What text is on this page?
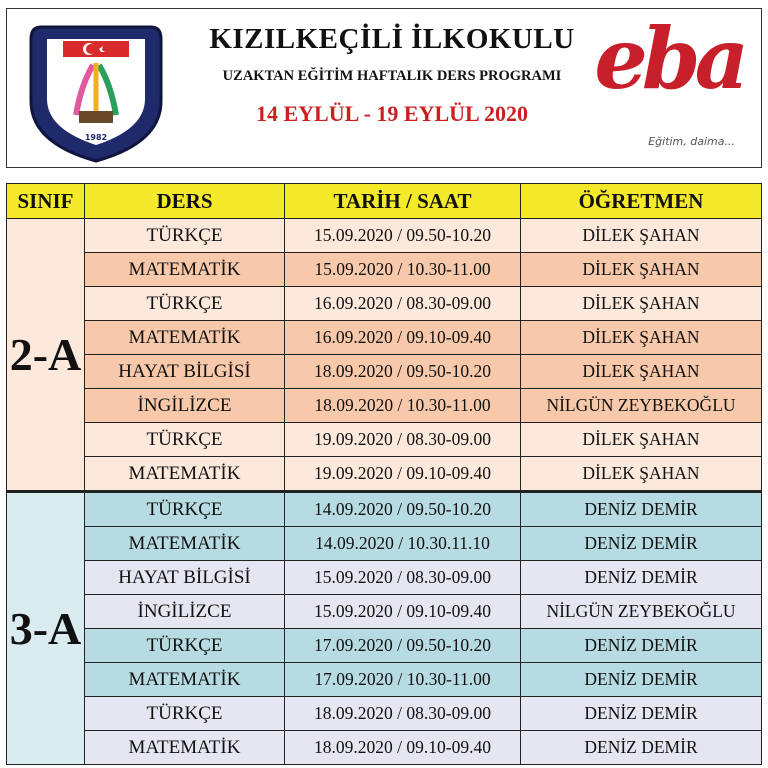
1982
KIZILKEÇİLİ İLKOKULU
UZAKTAN EĞİTİM HAFTALIK DERS PROGRAMI
14 EYLÜL - 19 EYLÜL 2020
eba
Eğitim, daima...
SINIF	DERS	TARİH / SAAT	ÖĞRETMEN
2-A	TÜRKÇE	15.09.2020 / 09.50-10.20	DİLEK ŞAHAN
	MATEMATİK	15.09.2020 / 10.30-11.00	DİLEK ŞAHAN
	TÜRKÇE	16.09.2020 / 08.30-09.00	DİLEK ŞAHAN
	MATEMATİK	16.09.2020 / 09.10-09.40	DİLEK ŞAHAN
	HAYAT BİLGİSİ	18.09.2020 / 09.50-10.20	DİLEK ŞAHAN
	İNGİLİZCE	18.09.2020 / 10.30-11.00	NİLGÜN ZEYBEKOĞLU
	TÜRKÇE	19.09.2020 / 08.30-09.00	DİLEK ŞAHAN
	MATEMATİK	19.09.2020 / 09.10-09.40	DİLEK ŞAHAN
3-A	TÜRKÇE	14.09.2020 / 09.50-10.20	DENİZ DEMİR
	MATEMATİK	14.09.2020 / 10.30.11.10	DENİZ DEMİR
	HAYAT BİLGİSİ	15.09.2020 / 08.30-09.00	DENİZ DEMİR
	İNGİLİZCE	15.09.2020 / 09.10-09.40	NİLGÜN ZEYBEKOĞLU
	TÜRKÇE	17.09.2020 / 09.50-10.20	DENİZ DEMİR
	MATEMATİK	17.09.2020 / 10.30-11.00	DENİZ DEMİR
	TÜRKÇE	18.09.2020 / 08.30-09.00	DENİZ DEMİR
	MATEMATİK	18.09.2020 / 09.10-09.40	DENİZ DEMİR
